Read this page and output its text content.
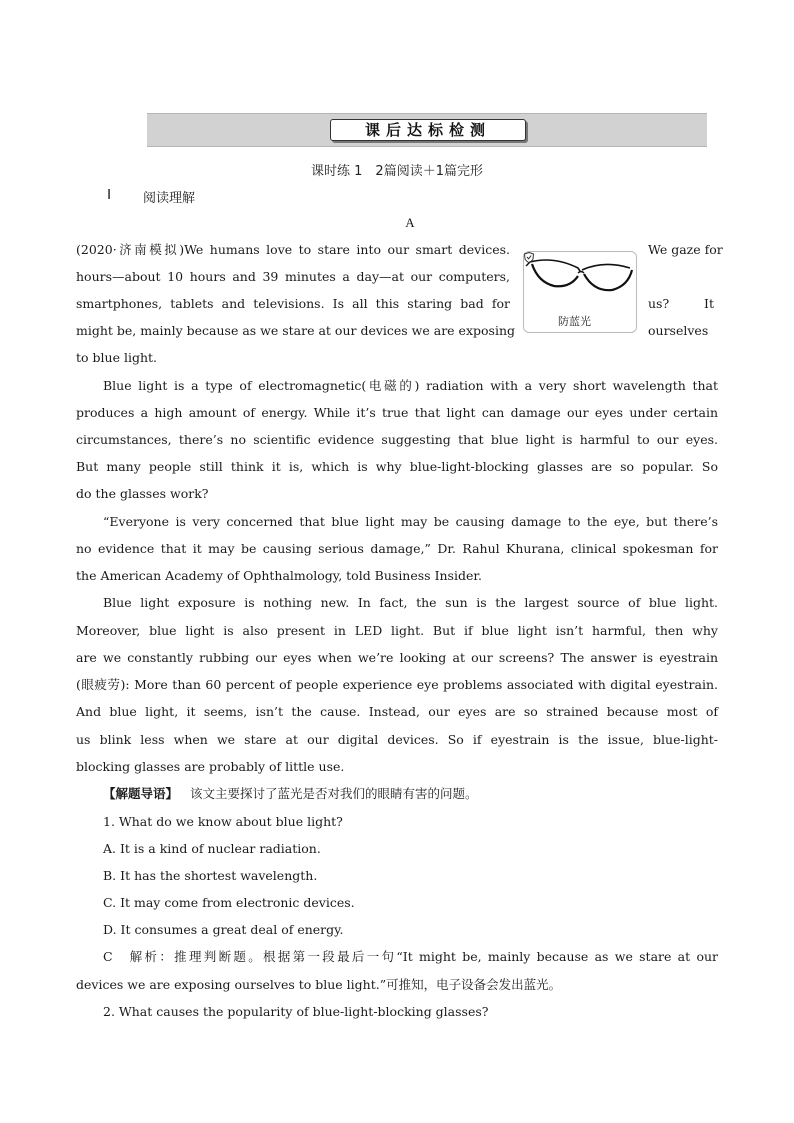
课后达标检测
课时练 1　2篇阅读＋1篇完形
Ⅰ 阅读理解
A
(2020·济南模拟)We humans love to stare into our smart devices.	We gaze for
hours—about 10 hours and 39 minutes a day—at our computers,
smartphones, tablets and televisions. Is all this staring bad for	us?	It
might be, mainly because as we stare at our devices we are exposing	ourselves
to blue light.
防蓝光
Blue light is a type of electromagnetic(电磁的) radiation with a very short wavelength that
produces a high amount of energy. While it’s true that light can damage our eyes under certain
circumstances, there’s no scientific evidence suggesting that blue light is harmful to our eyes.
But many people still think it is, which is why blue-light-blocking glasses are so popular. So
do the glasses work?
“Everyone is very concerned that blue light may be causing damage to the eye, but there’s
no evidence that it may be causing serious damage,” Dr. Rahul Khurana, clinical spokesman for
the American Academy of Ophthalmology, told Business Insider.
Blue light exposure is nothing new. In fact, the sun is the largest source of blue light.
Moreover, blue light is also present in LED light. But if blue light isn’t harmful, then why
are we constantly rubbing our eyes when we’re looking at our screens? The answer is eyestrain
(眼疲劳): More than 60 percent of people experience eye problems associated with digital eyestrain.
And blue light, it seems, isn’t the cause. Instead, our eyes are so strained because most of
us blink less when we stare at our digital devices. So if eyestrain is the issue, blue-light-
blocking glasses are probably of little use.
【解题导语】 该文主要探讨了蓝光是否对我们的眼睛有害的问题。
1. What do we know about blue light?
A. It is a kind of nuclear radiation.
B. It has the shortest wavelength.
C. It may come from electronic devices.
D. It consumes a great deal of energy.
C　解析：推理判断题。根据第一段最后一句“It might be, mainly because as we stare at our
devices we are exposing ourselves to blue light.”可推知，电子设备会发出蓝光。
2. What causes the popularity of blue-light-blocking glasses?
